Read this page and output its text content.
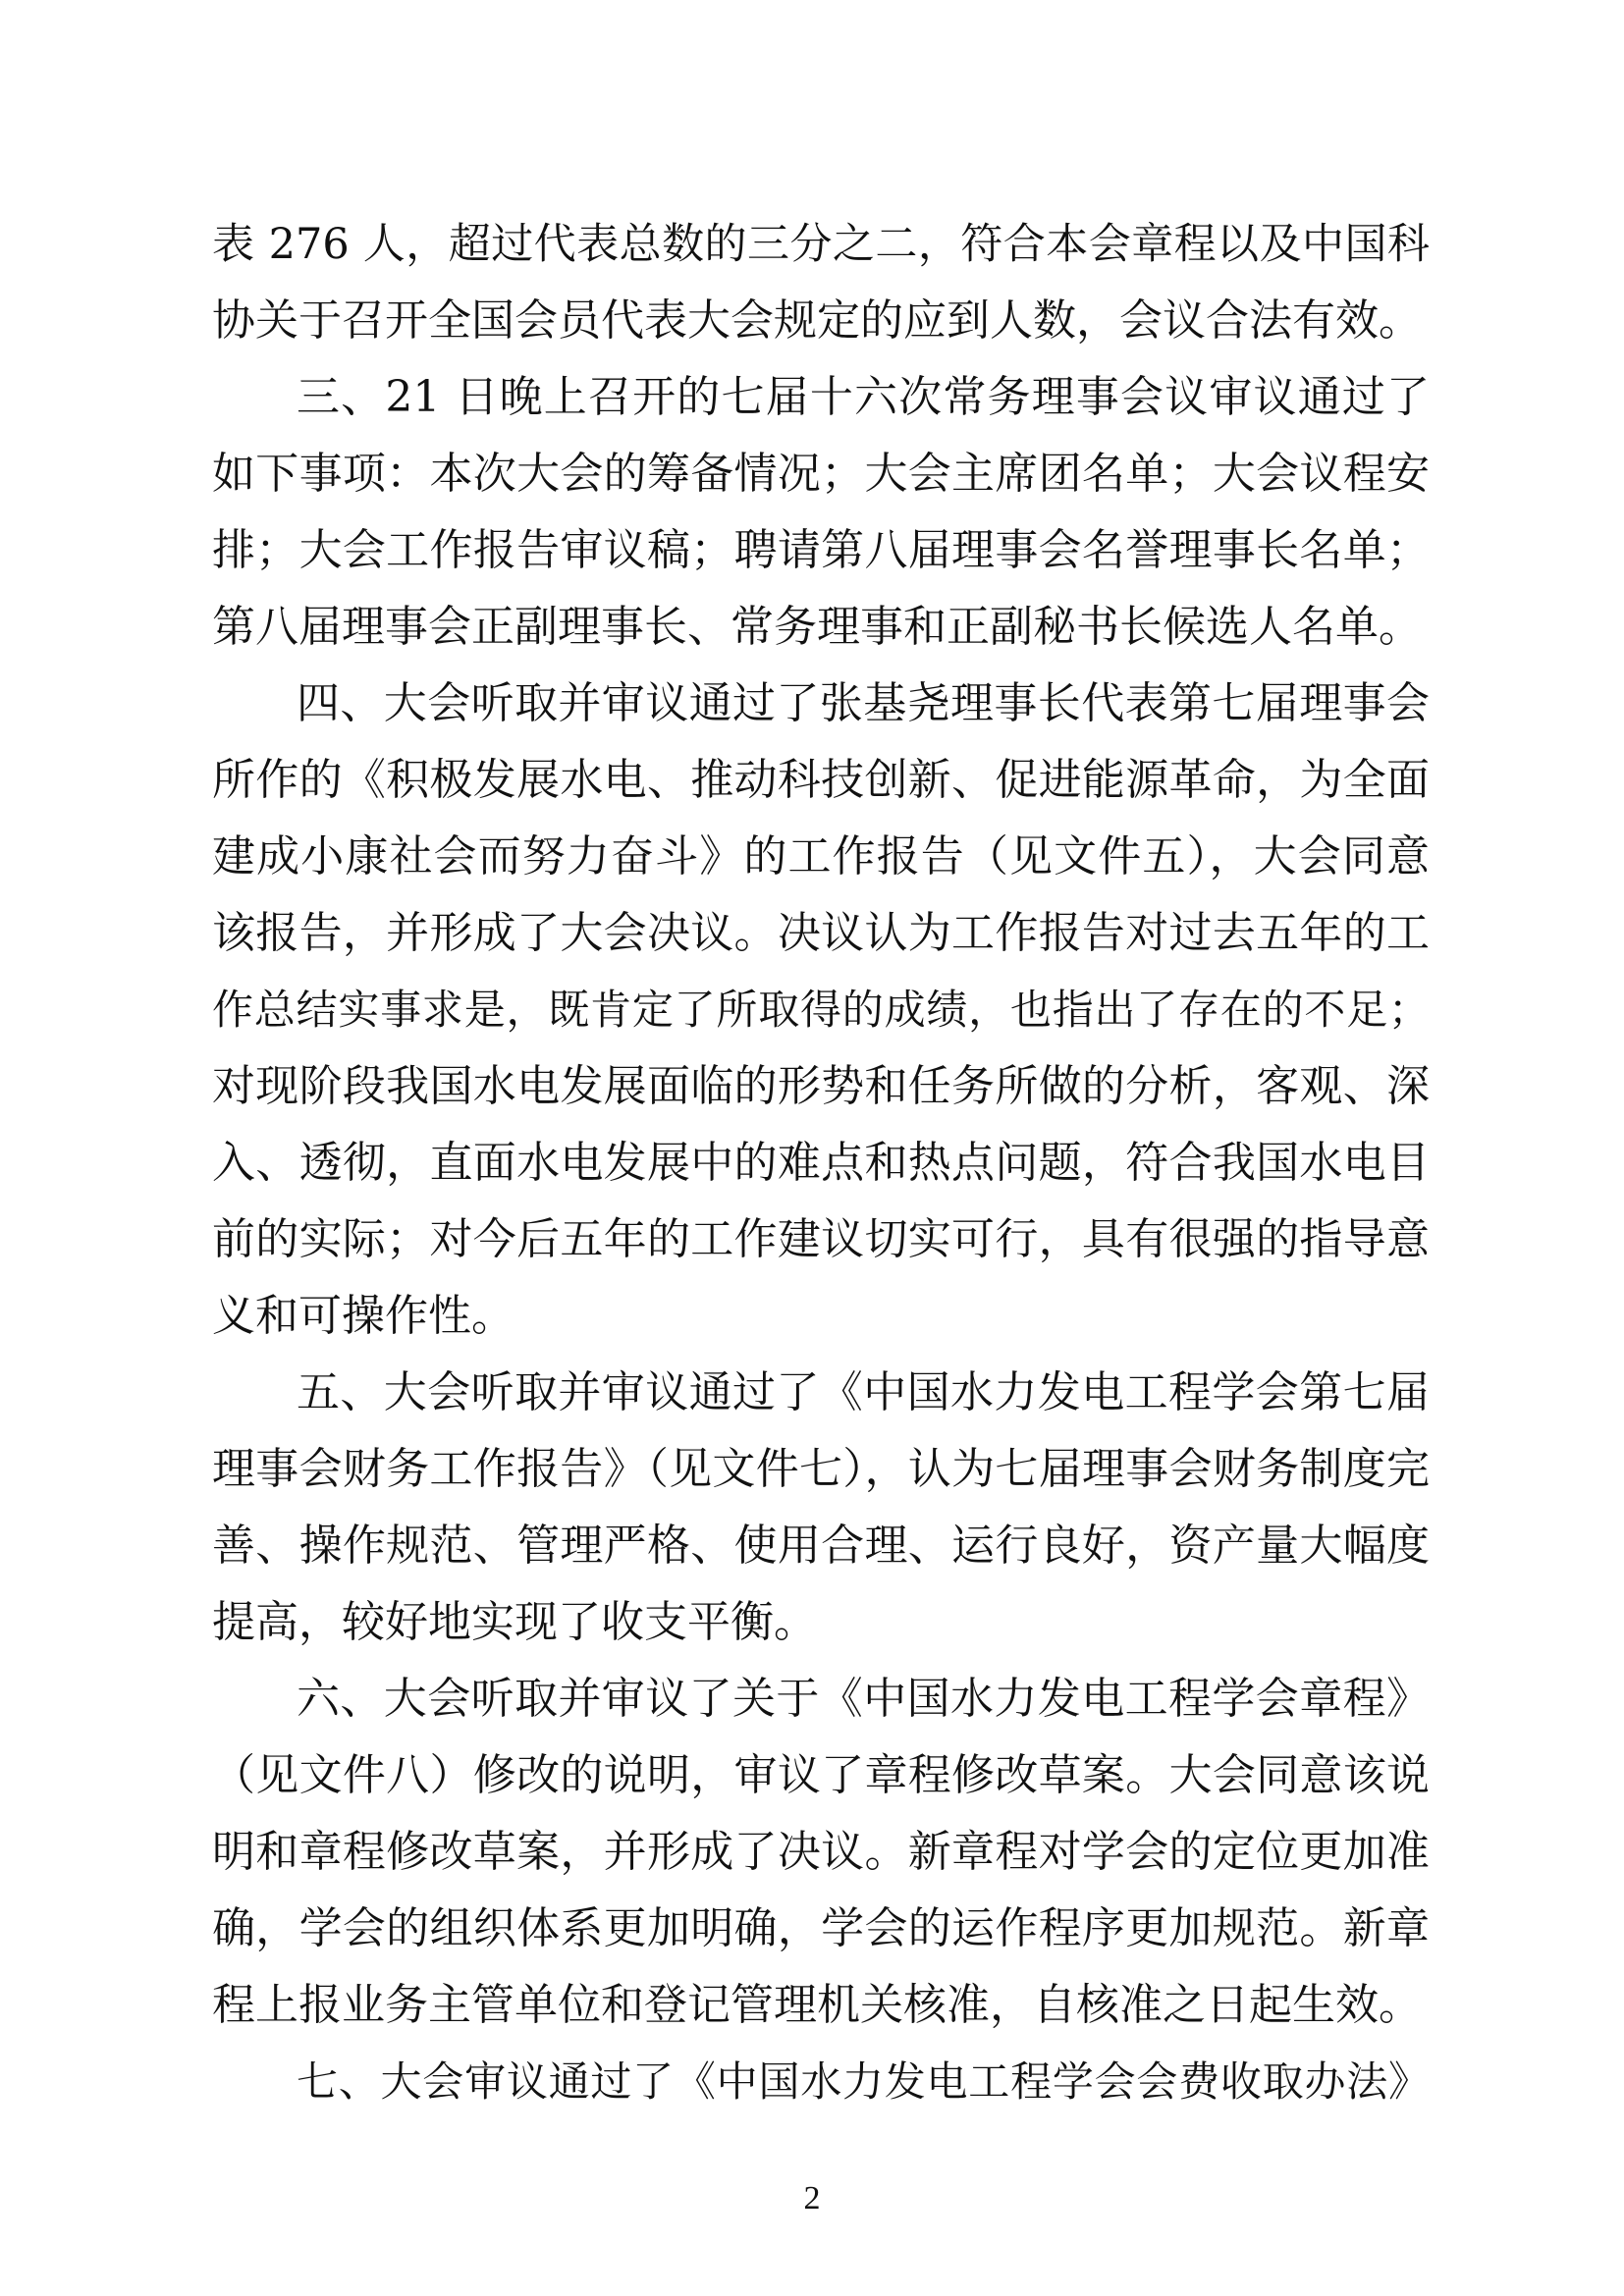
表 276 人，超过代表总数的三分之二，符合本会章程以及中国科
协关于召开全国会员代表大会规定的应到人数，会议合法有效。
三、21 日晚上召开的七届十六次常务理事会议审议通过了
如下事项：本次大会的筹备情况；大会主席团名单；大会议程安
排；大会工作报告审议稿；聘请第八届理事会名誉理事长名单；
第八届理事会正副理事长、常务理事和正副秘书长候选人名单。
四、大会听取并审议通过了张基尧理事长代表第七届理事会
所作的《积极发展水电、推动科技创新、促进能源革命，为全面
建成小康社会而努力奋斗》的工作报告（见文件五），大会同意
该报告，并形成了大会决议。决议认为工作报告对过去五年的工
作总结实事求是，既肯定了所取得的成绩，也指出了存在的不足；
对现阶段我国水电发展面临的形势和任务所做的分析，客观、深
入、透彻，直面水电发展中的难点和热点问题，符合我国水电目
前的实际；对今后五年的工作建议切实可行，具有很强的指导意
义和可操作性。
五、大会听取并审议通过了《中国水力发电工程学会第七届
理事会财务工作报告》（见文件七），认为七届理事会财务制度完
善、操作规范、管理严格、使用合理、运行良好，资产量大幅度
提高，较好地实现了收支平衡。
六、大会听取并审议了关于《中国水力发电工程学会章程》
（见文件八）修改的说明，审议了章程修改草案。大会同意该说
明和章程修改草案，并形成了决议。新章程对学会的定位更加准
确，学会的组织体系更加明确，学会的运作程序更加规范。新章
程上报业务主管单位和登记管理机关核准，自核准之日起生效。
七、大会审议通过了《中国水力发电工程学会会费收取办法》
2
